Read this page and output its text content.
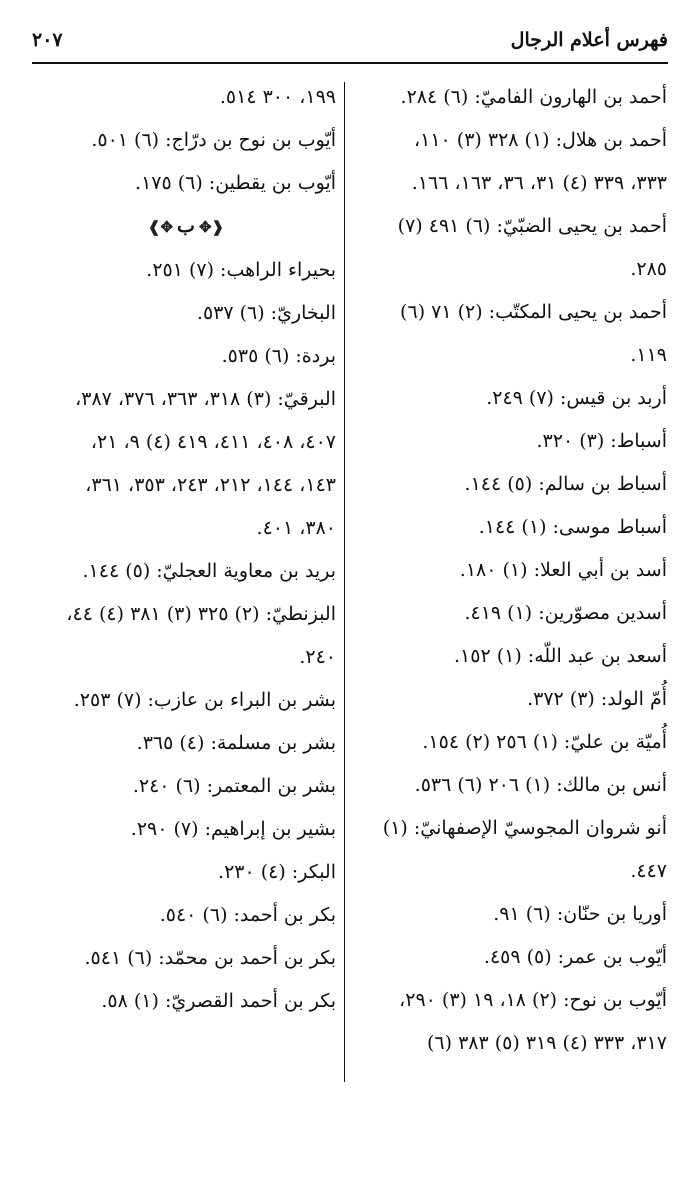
فهرس أعلام الرجال
٢٠٧
أحمد بن الهارون الفاميّ: (٦) ٢٨٤.
أحمد بن هلال: (١) ٣٢٨ (٣) ١١٠،
٣٣٣، ٣٣٩ (٤) ٣١، ٣٦، ١٦٣، ١٦٦.
أحمد بن يحيى الضبّيّ: (٦) ٤٩١ (٧)
٢٨٥.
أحمد بن يحيى المكتّب: (٢) ٧١ (٦)
١١٩.
أربد بن قيس: (٧) ٢٤٩.
أسباط: (٣) ٣٢٠.
أسباط بن سالم: (٥) ١٤٤.
أسباط موسى: (١) ١٤٤.
أسد بن أبي العلا: (١) ١٨٠.
أسدين مصوّرين: (١) ٤١٩.
أسعد بن عبد اللّه: (١) ١٥٢.
أُمّ الولد: (٣) ٣٧٢.
أُميّة بن عليّ: (١) ٢٥٦ (٢) ١٥٤.
أنس بن مالك: (١) ٢٠٦ (٦) ٥٣٦.
أنو شروان المجوسيّ الإصفهانيّ: (١)
٤٤٧.
أوريا بن حنّان: (٦) ٩١.
أيّوب بن عمر: (٥) ٤٥٩.
أيّوب بن نوح: (٢) ١٨، ١٩ (٣) ٢٩٠،
٣١٧، ٣٣٣ (٤) ٣١٩ (٥) ٣٨٣ (٦)
١٩٩، ٣٠٠ ٥١٤.
أيّوب بن نوح بن درّاج: (٦) ٥٠١.
أيّوب بن يقطين: (٦) ١٧٥.
❰✥ب✥❱
بحيراء الراهب: (٧) ٢٥١.
البخاريّ: (٦) ٥٣٧.
بردة: (٦) ٥٣٥.
البرقيّ: (٣) ٣١٨، ٣٦٣، ٣٧٦، ٣٨٧،
٤٠٧، ٤٠٨، ٤١١، ٤١٩ (٤) ٩، ٢١،
١٤٣، ١٤٤، ٢١٢، ٢٤٣، ٣٥٣، ٣٦١،
٣٨٠، ٤٠١.
بريد بن معاوية العجليّ: (٥) ١٤٤.
البزنطيّ: (٢) ٣٢٥ (٣) ٣٨١ (٤) ٤٤،
٢٤٠.
بشر بن البراء بن عازب: (٧) ٢٥٣.
بشر بن مسلمة: (٤) ٣٦٥.
بشر بن المعتمر: (٦) ٢٤٠.
بشير بن إبراهيم: (٧) ٢٩٠.
البكر: (٤) ٢٣٠.
بكر بن أحمد: (٦) ٥٤٠.
بكر بن أحمد بن محمّد: (٦) ٥٤١.
بكر بن أحمد القصريّ: (١) ٥٨.
